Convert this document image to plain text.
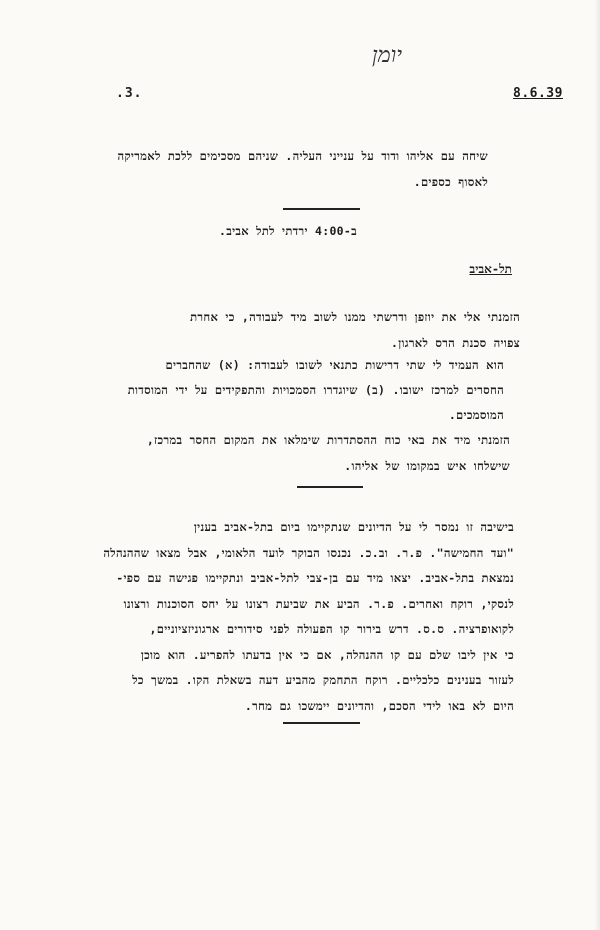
.3.	8.6.39
יומן
שיחה עם אליהו ודוד על ענייני העליה. שניהם מסכימים ללכת לאמריקה
לאסוף כספים.
ב-4:00 ירדתי לתל אביב.
תל-אביב
הזמנתי אלי את יוזפן ודרשתי ממנו לשוב מיד לעבודה, כי אחרת
צפויה סכנת הרס לארגון.
הוא העמיד לי שתי דרישות כתנאי לשובו לעבודה: (א) שהחברים
החסרים למרכז ישובו. (ב) שיוגדרו הסמכויות והתפקידים על ידי המוסדות
המוסמכים.
הזמנתי מיד את באי כוח ההסתדרות שימלאו את המקום החסר במרכז,
שישלחו איש במקומו של אליהו.
בישיבה זו נמסר לי על הדיונים שנתקיימו ביום בתל-אביב בענין
"ועד החמישה". פ.ר. וב.כ. נכנסו הבוקר לועד הלאומי, אבל מצאו שההנהלה
נמצאת בתל-אביב. יצאו מיד עם בן-צבי לתל-אביב ונתקיימו פגישה עם ספי-
לנסקי, רוקח ואחרים. פ.ר. הביע את שביעת רצונו על יחס הסוכנות ורצונו
לקואופרציה. ס.ס. דרש בירור קו הפעולה לפני סידורים ארגוניזציוניים,
כי אין ליבו שלם עם קו ההנהלה, אם כי אין בדעתו להפריע. הוא מוכן
לעזור בענינים כלכליים. רוקח התחמק מהביע דעה בשאלת הקו. במשך כל
היום לא באו לידי הסכם, והדיונים יימשכו גם מחר.
